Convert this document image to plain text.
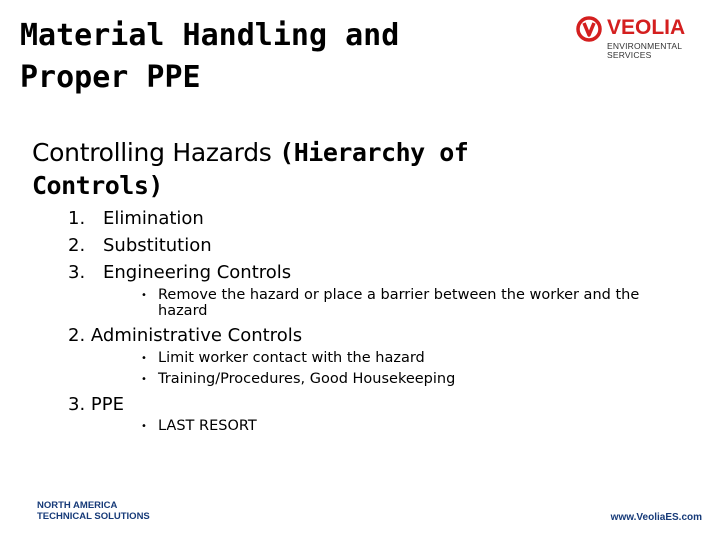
Material Handling and
Proper PPE
VEOLIA
ENVIRONMENTAL
SERVICES
Controlling Hazards (Hierarchy of
Controls)
1. Elimination
2. Substitution
3. Engineering Controls
• Remove the hazard or place a barrier between the worker and the hazard
2. Administrative Controls
• Limit worker contact with the hazard
• Training/Procedures, Good Housekeeping
3. PPE
• LAST RESORT
NORTH AMERICA
TECHNICAL SOLUTIONS	www.VeoliaES.com
